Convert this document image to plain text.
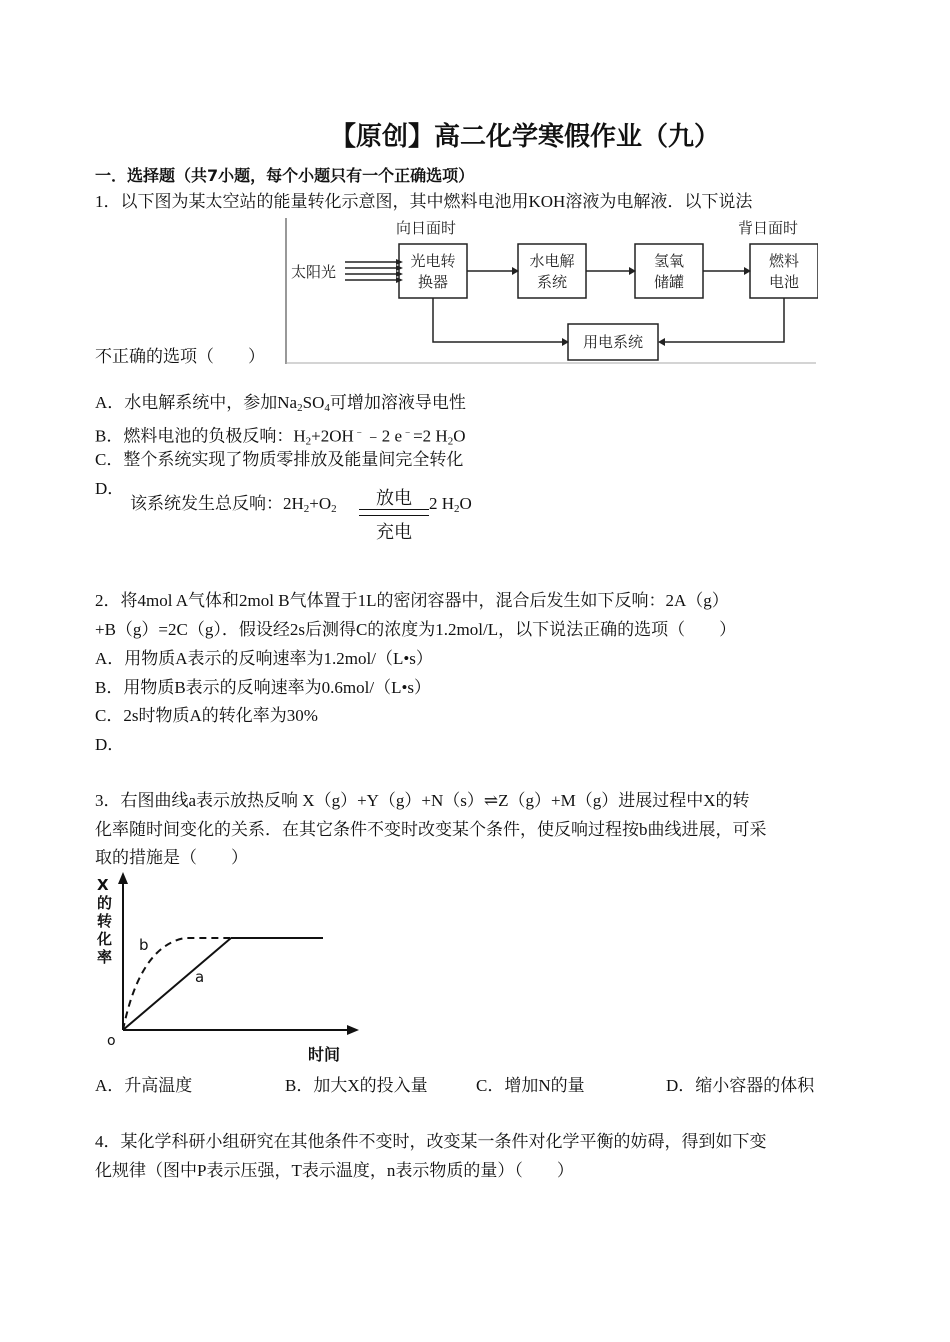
【原创】高二化学寒假作业（九）
一．选择题（共7小题，每个小题只有一个正确选项）
1．以下图为某太空站的能量转化示意图，其中燃料电池用KOH溶液为电解液．以下说法
向日面时	背日面时
太阳光
光电转
换器
水电解
系统
氢氧
储罐
燃料
电池
用电系统
不正确的选项（　　）
A．水电解系统中，参加$Na_2SO_4$可增加溶液导电性
B．燃料电池的负极反响：$H_2+2OH^﹣﹣2$ e﹣=2 $H_2O$
C．整个系统实现了物质零排放及能量间完全转化
D．
该系统发生总反响：$2H_2+O_2$	放电
充电
2 $H_2O$
2．将4mol A气体和2mol B气体置于1L的密闭容器中，混合后发生如下反响：2A（g）
+B（g）=2C（g）．假设经2s后测得C的浓度为1.2mol/L，以下说法正确的选项（　　）
A．用物质A表示的反响速率为1.2mol/（L•s）
B．用物质B表示的反响速率为0.6mol/（L•s）
C．2s时物质A的转化率为30%
D．
3．右图曲线a表示放热反响 X（g）+Y（g）+N（s）⇌Z（g）+M（g）进展过程中X的转
化率随时间变化的关系．在其它条件不变时改变某个条件，使反响过程按b曲线进展，可采
取的措施是（　　）
X
的
转
化
率
o
时间
a
b
A．升高温度	B．加大X的投入量	C．增加N的量	D．缩小容器的体积
4．某化学科研小组研究在其他条件不变时，改变某一条件对化学平衡的妨碍，得到如下变
化规律（图中P表示压强，T表示温度，n表示物质的量）（　　）
